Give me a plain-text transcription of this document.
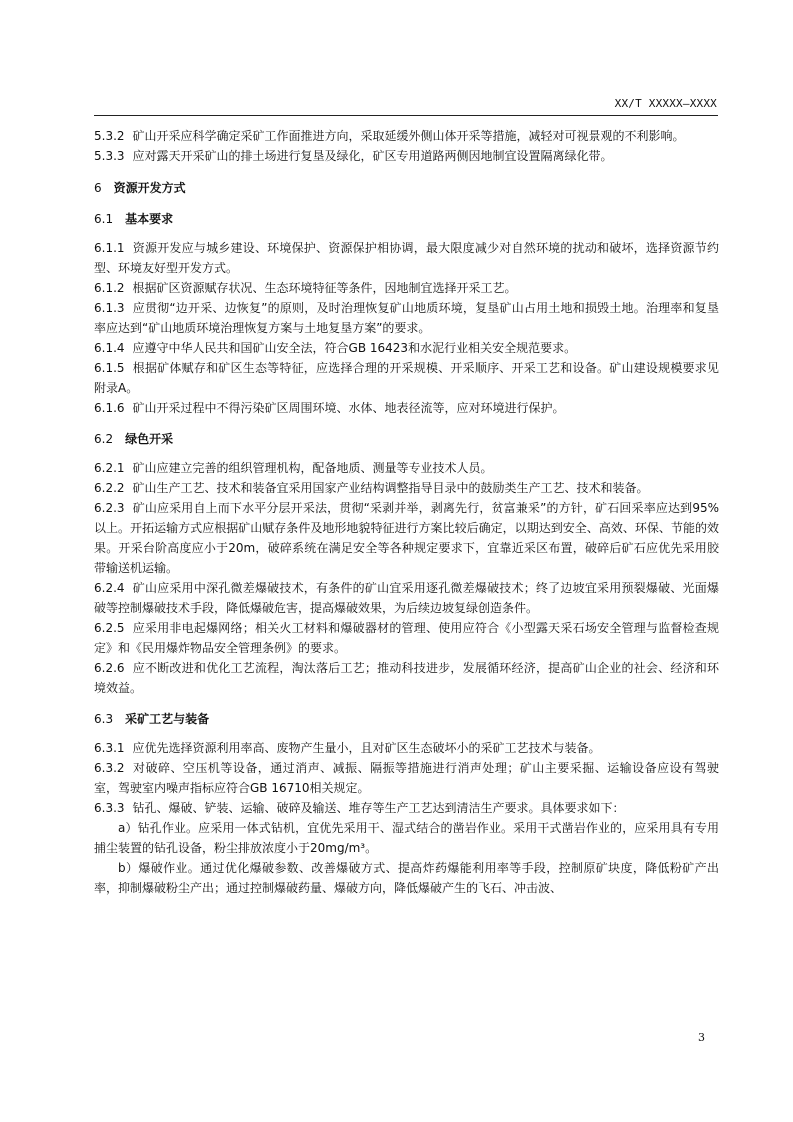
XX/T XXXXX—XXXX
5.3.2 矿山开采应科学确定采矿工作面推进方向，采取延缓外侧山体开采等措施，减轻对可视景观的不利影响。
5.3.3 应对露天开采矿山的排土场进行复垦及绿化，矿区专用道路两侧因地制宜设置隔离绿化带。
6 资源开发方式
6.1 基本要求
6.1.1 资源开发应与城乡建设、环境保护、资源保护相协调，最大限度减少对自然环境的扰动和破坏，选择资源节约型、环境友好型开发方式。
6.1.2 根据矿区资源赋存状况、生态环境特征等条件，因地制宜选择开采工艺。
6.1.3 应贯彻“边开采、边恢复”的原则，及时治理恢复矿山地质环境，复垦矿山占用土地和损毁土地。治理率和复垦率应达到“矿山地质环境治理恢复方案与土地复垦方案”的要求。
6.1.4 应遵守中华人民共和国矿山安全法，符合GB 16423和水泥行业相关安全规范要求。
6.1.5 根据矿体赋存和矿区生态等特征，应选择合理的开采规模、开采顺序、开采工艺和设备。矿山建设规模要求见附录A。
6.1.6 矿山开采过程中不得污染矿区周围环境、水体、地表径流等，应对环境进行保护。
6.2 绿色开采
6.2.1 矿山应建立完善的组织管理机构，配备地质、测量等专业技术人员。
6.2.2 矿山生产工艺、技术和装备宜采用国家产业结构调整指导目录中的鼓励类生产工艺、技术和装备。
6.2.3 矿山应采用自上而下水平分层开采法，贯彻“采剥并举，剥离先行，贫富兼采”的方针，矿石回采率应达到95%以上。开拓运输方式应根据矿山赋存条件及地形地貌特征进行方案比较后确定，以期达到安全、高效、环保、节能的效果。开采台阶高度应小于20m，破碎系统在满足安全等各种规定要求下，宜靠近采区布置，破碎后矿石应优先采用胶带输送机运输。
6.2.4 矿山应采用中深孔微差爆破技术，有条件的矿山宜采用逐孔微差爆破技术；终了边坡宜采用预裂爆破、光面爆破等控制爆破技术手段，降低爆破危害，提高爆破效果，为后续边坡复绿创造条件。
6.2.5 应采用非电起爆网络；相关火工材料和爆破器材的管理、使用应符合《小型露天采石场安全管理与监督检查规定》和《民用爆炸物品安全管理条例》的要求。
6.2.6 应不断改进和优化工艺流程，淘汰落后工艺；推动科技进步，发展循环经济，提高矿山企业的社会、经济和环境效益。
6.3 采矿工艺与装备
6.3.1 应优先选择资源利用率高、废物产生量小，且对矿区生态破坏小的采矿工艺技术与装备。
6.3.2 对破碎、空压机等设备，通过消声、减振、隔振等措施进行消声处理；矿山主要采掘、运输设备应设有驾驶室，驾驶室内噪声指标应符合GB 16710相关规定。
6.3.3 钻孔、爆破、铲装、运输、破碎及输送、堆存等生产工艺达到清洁生产要求。具体要求如下：
a）钻孔作业。应采用一体式钻机，宜优先采用干、湿式结合的凿岩作业。采用干式凿岩作业的，应采用具有专用捕尘装置的钻孔设备，粉尘排放浓度小于20mg/m³。
b）爆破作业。通过优化爆破参数、改善爆破方式、提高炸药爆能利用率等手段，控制原矿块度，降低粉矿产出率，抑制爆破粉尘产出；通过控制爆破药量、爆破方向，降低爆破产生的飞石、冲击波、
3
